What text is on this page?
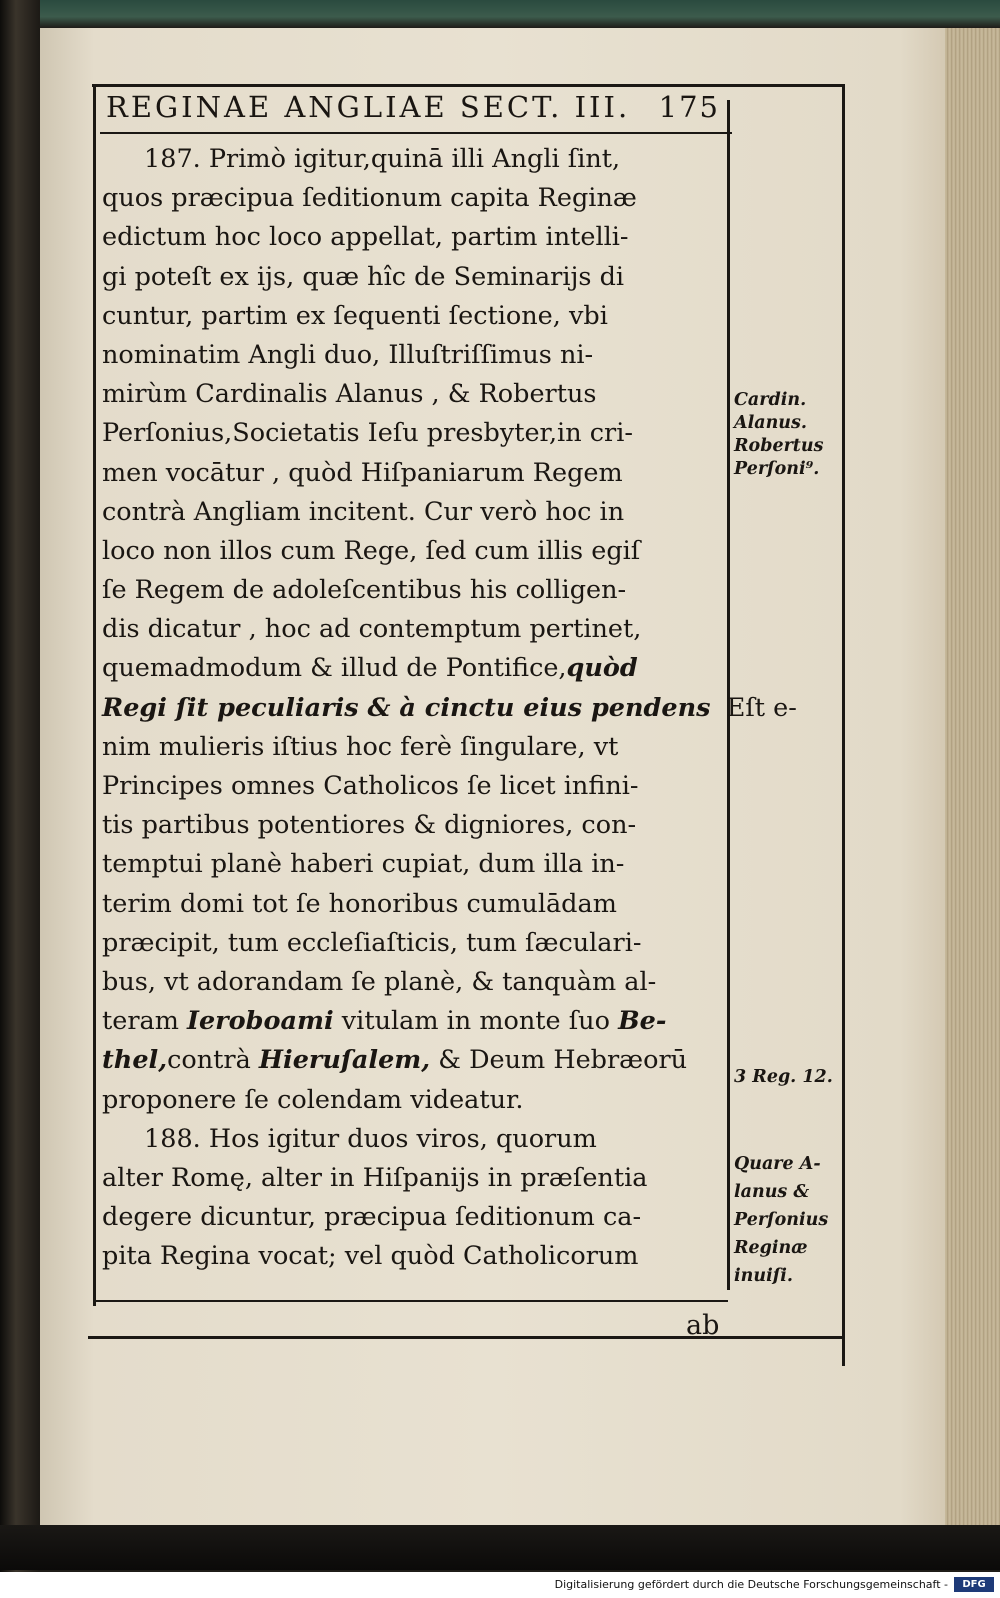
REGINAE ANGLIAE SECT. III. 175
187. Primò igitur,quinā illi Angli ſint,
quos præcipua ſeditionum capita Reginæ
edictum hoc loco appellat, partim intelli-
gi poteſt ex ijs, quæ hîc de Seminarijs di
cuntur, partim ex ſequenti ſectione, vbi
nominatim Angli duo, Illuſtriſſimus ni-
mirùm Cardinalis Alanus , & Robertus
Perſonius,Societatis Ieſu presbyter,in cri-
men vocātur , quòd Hiſpaniarum Regem
contrà Angliam incitent. Cur verò hoc in
loco non illos cum Rege, ſed cum illis egiſ
ſe Regem de adoleſcentibus his colligen-
dis dicatur , hoc ad contemptum pertinet,
quemadmodum & illud de Pontifice,quòd
Regi ſit peculiaris & à cinctu eius pendens Eſt e-
nim mulieris iſtius hoc ferè ſingulare, vt
Principes omnes Catholicos ſe licet infini-
tis partibus potentiores & digniores, con-
temptui planè haberi cupiat, dum illa in-
terim domi tot ſe honoribus cumulādam
præcipit, tum eccleſiaſticis, tum ſæculari-
bus, vt adorandam ſe planè, & tanquàm al-
teram Ieroboami vitulam in monte ſuo Be-
thel,contrà Hieruſalem, & Deum Hebræorū
proponere ſe colendam videatur.
188. Hos igitur duos viros, quorum
alter Romę, alter in Hiſpanijs in præſentia
degere dicuntur, præcipua ſeditionum ca-
pita Regina vocat; vel quòd Catholicorum
Cardin.
Alanus.
Robertus
Perſoni⁹.
3 Reg. 12.
Quare A-
lanus &
Perſonius
Reginæ
inuiſi.
ab
Digitalisierung gefördert durch die Deutsche Forschungsgemeinschaft -	DFG
